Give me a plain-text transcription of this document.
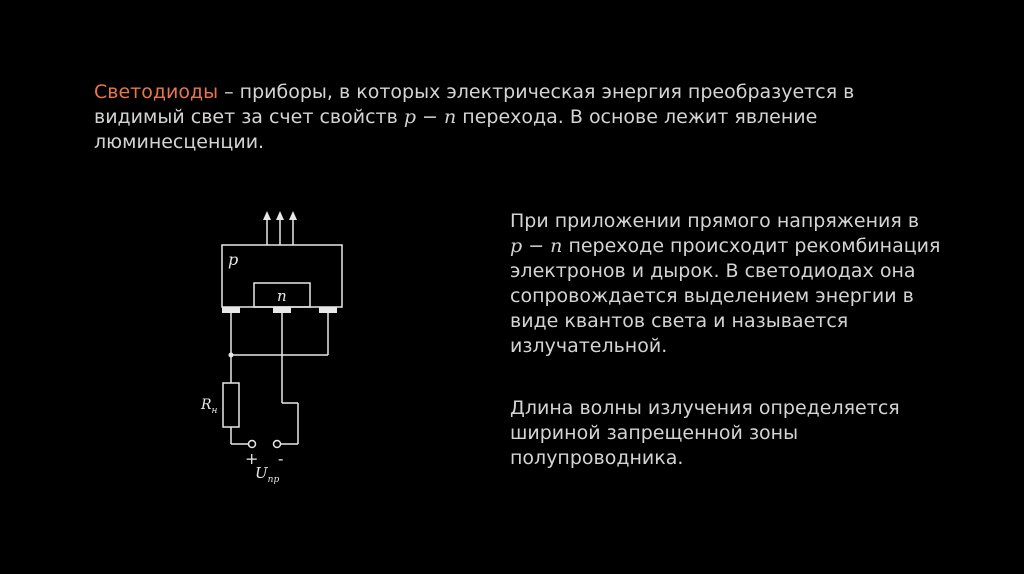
Светодиоды – приборы, в которых электрическая энергия преобразуется в видимый свет за счет свойств p − n перехода. В основе лежит явление люминесценции.

p
n
$R_н$
+ -
$U_{пр}$

При приложении прямого напряжения в
p − n переходе происходит рекомбинация электронов и дырок. В светодиодах она сопровождается выделением энергии в виде квантов света и называется излучательной.

Длина волны излучения определяется шириной запрещенной зоны полупроводника.
